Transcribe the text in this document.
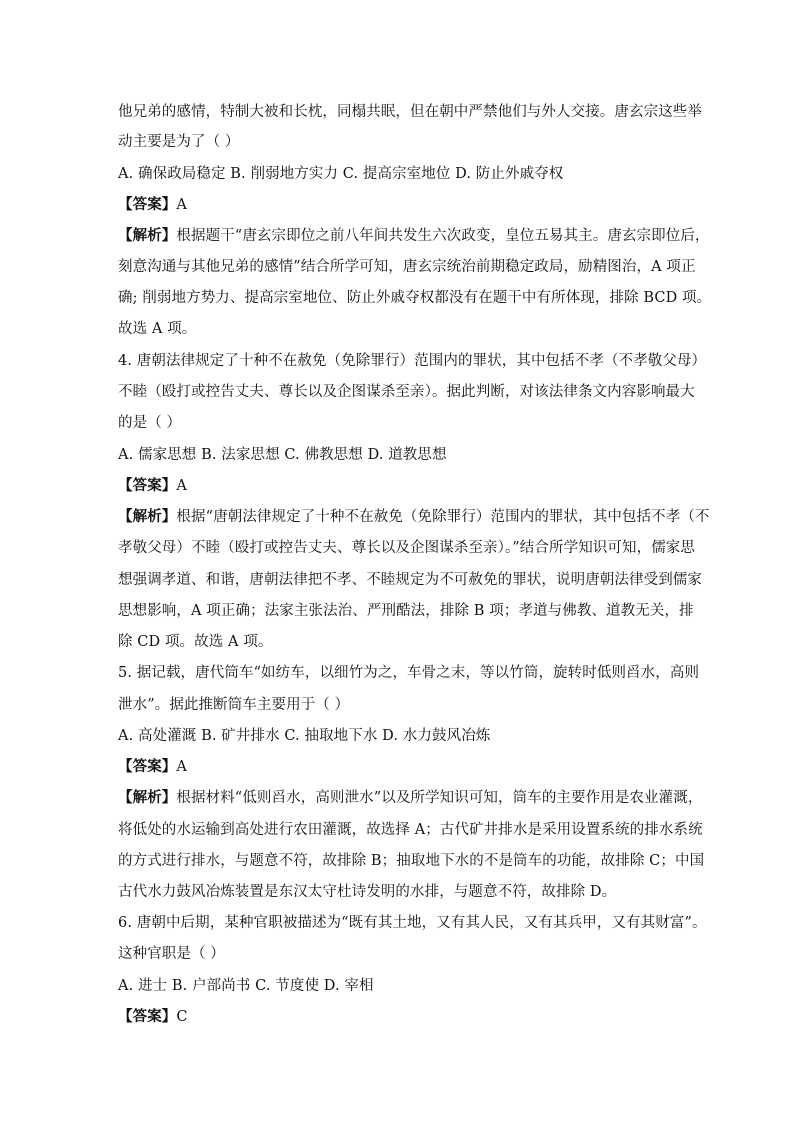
他兄弟的感情，特制大被和长枕，同榻共眠，但在朝中严禁他们与外人交接。唐玄宗这些举
动主要是为了（ ）
A. 确保政局稳定 B. 削弱地方实力 C. 提高宗室地位 D. 防止外戚夺权
【答案】A
【解析】根据题干“唐玄宗即位之前八年间共发生六次政变，皇位五易其主。唐玄宗即位后，
刻意沟通与其他兄弟的感情”结合所学可知，唐玄宗统治前期稳定政局，励精图治，A 项正
确; 削弱地方势力、提高宗室地位、防止外戚夺权都没有在题干中有所体现，排除 BCD 项。
故选 A 项。
4. 唐朝法律规定了十种不在赦免（免除罪行）范围内的罪状，其中包括不孝（不孝敬父母）
不睦（殴打或控告丈夫、尊长以及企图谋杀至亲）。据此判断，对该法律条文内容影响最大
的是（ ）
A. 儒家思想 B. 法家思想 C. 佛教思想 D. 道教思想
【答案】A
【解析】根据“唐朝法律规定了十种不在赦免（免除罪行）范围内的罪状，其中包括不孝（不
孝敬父母）不睦（殴打或控告丈夫、尊长以及企图谋杀至亲）。”结合所学知识可知，儒家思
想强调孝道、和谐，唐朝法律把不孝、不睦规定为不可赦免的罪状，说明唐朝法律受到儒家
思想影响，A 项正确；法家主张法治、严刑酷法，排除 B 项；孝道与佛教、道教无关，排
除 CD 项。故选 A 项。
5. 据记载，唐代筒车“如纺车，以细竹为之，车骨之末，等以竹筒，旋转时低则舀水，高则
泄水”。据此推断筒车主要用于（ ）
A. 高处灌溉 B. 矿井排水 C. 抽取地下水 D. 水力鼓风冶炼
【答案】A
【解析】根据材料“低则舀水，高则泄水”以及所学知识可知，筒车的主要作用是农业灌溉，
将低处的水运输到高处进行农田灌溉，故选择 A；古代矿井排水是采用设置系统的排水系统
的方式进行排水，与题意不符，故排除 B；抽取地下水的不是筒车的功能，故排除 C；中国
古代水力鼓风冶炼装置是东汉太守杜诗发明的水排，与题意不符，故排除 D。
6. 唐朝中后期，某种官职被描述为“既有其土地，又有其人民，又有其兵甲，又有其财富”。
这种官职是（ ）
A. 进士 B. 户部尚书 C. 节度使 D. 宰相
【答案】C
